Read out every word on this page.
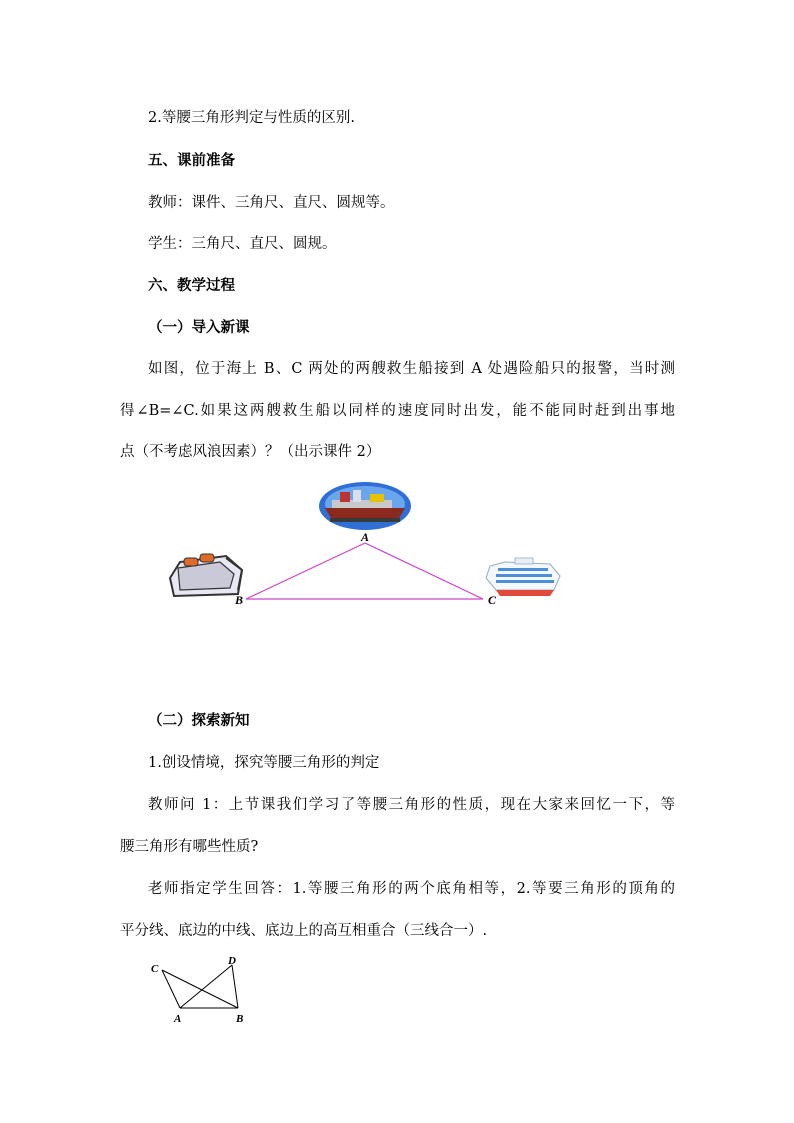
2.等腰三角形判定与性质的区别.
五、课前准备
教师：课件、三角尺、直尺、圆规等。
学生：三角尺、直尺、圆规。
六、教学过程
（一）导入新课
如图，位于海上 B、C 两处的两艘救生船接到 A 处遇险船只的报警，当时测
得∠B=∠C.如果这两艘救生船以同样的速度同时出发，能不能同时赶到出事地
点（不考虑风浪因素）？（出示课件 2）
A
B	C
（二）探索新知
1.创设情境，探究等腰三角形的判定
教师问 1：上节课我们学习了等腰三角形的性质，现在大家来回忆一下，等
腰三角形有哪些性质?
老师指定学生回答：1.等腰三角形的两个底角相等，2.等要三角形的顶角的
平分线、底边的中线、底边上的高互相重合（三线合一）.
C
D
A	B
